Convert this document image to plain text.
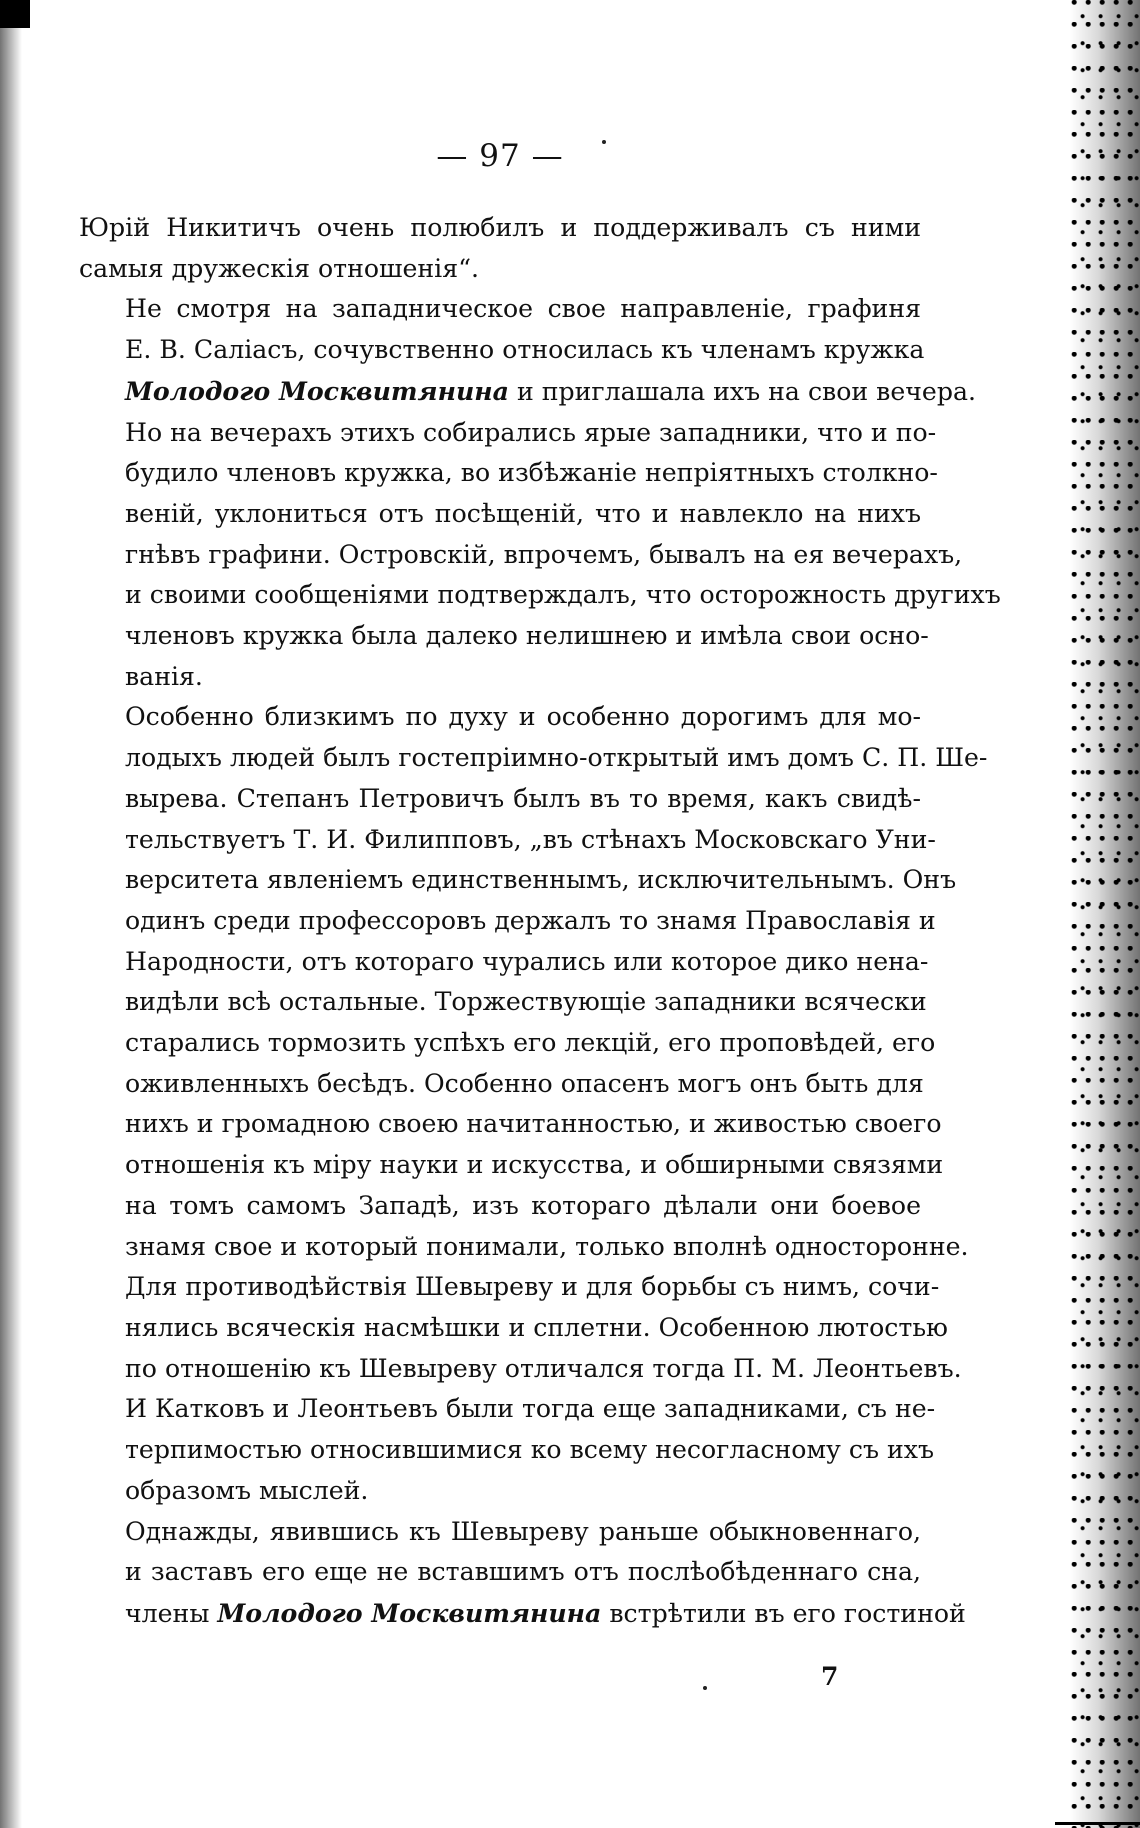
— 97 —
Юрій Никитичъ очень полюбилъ и поддерживалъ съ ними
самыя дружескія отношенія“.
Не смотря на западническое свое направленіе, графиня
Е. В. Саліасъ, сочувственно относилась къ членамъ кружка
Молодого Москвитянина и приглашала ихъ на свои вечера.
Но на вечерахъ этихъ собирались ярые западники, что и по-
будило членовъ кружка, во избѣжаніе непріятныхъ столкно-
веній, уклониться отъ посѣщеній, что и навлекло на нихъ
гнѣвъ графини. Островскій, впрочемъ, бывалъ на ея вечерахъ,
и своими сообщеніями подтверждалъ, что осторожность другихъ
членовъ кружка была далеко нелишнею и имѣла свои осно-
ванія.
Особенно близкимъ по духу и особенно дорогимъ для мо-
лодыхъ людей былъ гостепріимно-открытый имъ домъ С. П. Ше-
вырева. Степанъ Петровичъ былъ въ то время, какъ свидѣ-
тельствуетъ Т. И. Филипповъ, „въ стѣнахъ Московскаго Уни-
верситета явленіемъ единственнымъ, исключительнымъ. Онъ
одинъ среди профессоровъ держалъ то знамя Православія и
Народности, отъ котораго чурались или которое дико нена-
видѣли всѣ остальные. Торжествующіе западники всячески
старались тормозить успѣхъ его лекцій, его проповѣдей, его
оживленныхъ бесѣдъ. Особенно опасенъ могъ онъ быть для
нихъ и громадною своею начитанностью, и живостью своего
отношенія къ міру науки и искусства, и обширными связями
на томъ самомъ Западѣ, изъ котораго дѣлали они боевое
знамя свое и который понимали, только вполнѣ односторонне.
Для противодѣйствія Шевыреву и для борьбы съ нимъ, сочи-
нялись всяческія насмѣшки и сплетни. Особенною лютостью
по отношенію къ Шевыреву отличался тогда П. М. Леонтьевъ.
И Катковъ и Леонтьевъ были тогда еще западниками, съ не-
терпимостью относившимися ко всему несогласному съ ихъ
образомъ мыслей.
Однажды, явившись къ Шевыреву раньше обыкновеннаго,
и заставъ его еще не вставшимъ отъ послѣобѣденнаго сна,
члены Молодого Москвитянина встрѣтили въ его гостиной
7
